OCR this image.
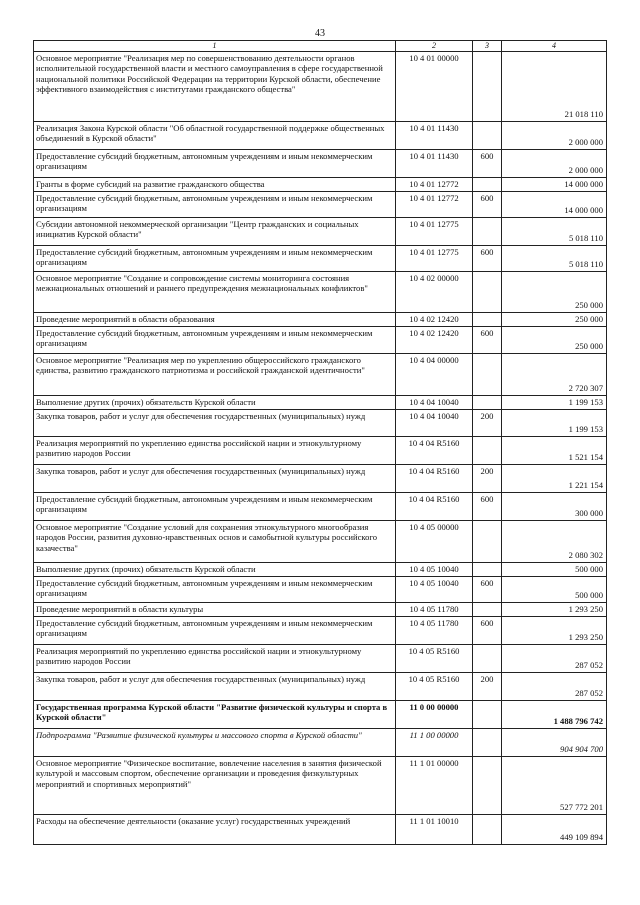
43
1	2	3	4
Основное мероприятие "Реализация мер по совершенствованию деятельности органов исполнительной государственной власти и местного самоуправления в сфере государственной национальной политики Российской Федерации на территории Курской области, обеспечение эффективного взаимодействия с институтами гражданского общества"	10 4 01 00000		21 018 110
Реализация Закона Курской области "Об областной государственной поддержке общественных объединений в Курской области"	10 4 01 11430		2 000 000
Предоставление субсидий бюджетным, автономным учреждениям и иным некоммерческим организациям	10 4 01 11430	600	2 000 000
Гранты в форме субсидий на развитие гражданского общества	10 4 01 12772		14 000 000
Предоставление субсидий бюджетным, автономным учреждениям и иным некоммерческим организациям	10 4 01 12772	600	14 000 000
Субсидии автономной некоммерческой организации "Центр гражданских и социальных инициатив Курской области"	10 4 01 12775		5 018 110
Предоставление субсидий бюджетным, автономным учреждениям и иным некоммерческим организациям	10 4 01 12775	600	5 018 110
Основное мероприятие "Создание и сопровождение системы мониторинга состояния межнациональных отношений и раннего предупреждения межнациональных конфликтов"	10 4 02 00000		250 000
Проведение мероприятий в области образования	10 4 02 12420		250 000
Предоставление субсидий бюджетным, автономным учреждениям и иным некоммерческим организациям	10 4 02 12420	600	250 000
Основное мероприятие "Реализация мер по укреплению общероссийского гражданского единства, развитию гражданского патриотизма и российской гражданской идентичности"	10 4 04 00000		2 720 307
Выполнение других (прочих) обязательств Курской области	10 4 04 10040		1 199 153
Закупка товаров, работ и услуг для обеспечения государственных (муниципальных) нужд	10 4 04 10040	200	1 199 153
Реализация мероприятий по укреплению единства российской нации и этнокультурному развитию народов России	10 4 04 R5160		1 521 154
Закупка товаров, работ и услуг для обеспечения государственных (муниципальных) нужд	10 4 04 R5160	200	1 221 154
Предоставление субсидий бюджетным, автономным учреждениям и иным некоммерческим организациям	10 4 04 R5160	600	300 000
Основное мероприятие "Создание условий для сохранения этнокультурного многообразия народов России, развития духовно-нравственных основ и самобытной культуры российского казачества"	10 4 05 00000		2 080 302
Выполнение других (прочих) обязательств Курской области	10 4 05 10040		500 000
Предоставление субсидий бюджетным, автономным учреждениям и иным некоммерческим организациям	10 4 05 10040	600	500 000
Проведение мероприятий в области культуры	10 4 05 11780		1 293 250
Предоставление субсидий бюджетным, автономным учреждениям и иным некоммерческим организациям	10 4 05 11780	600	1 293 250
Реализация мероприятий по укреплению единства российской нации и этнокультурному развитию народов России	10 4 05 R5160		287 052
Закупка товаров, работ и услуг для обеспечения государственных (муниципальных) нужд	10 4 05 R5160	200	287 052
Государственная программа Курской области "Развитие физической культуры и спорта в Курской области"	11 0 00 00000		1 488 796 742
Подпрограмма "Развитие физической культуры и массового спорта в Курской области"	11 1 00 00000		904 904 700
Основное мероприятие "Физическое воспитание, вовлечение населения в занятия физической культурой и массовым спортом, обеспечение организации и проведения физкультурных мероприятий и спортивных мероприятий"	11 1 01 00000		527 772 201
Расходы на обеспечение деятельности (оказание услуг) государственных учреждений	11 1 01 10010		449 109 894
